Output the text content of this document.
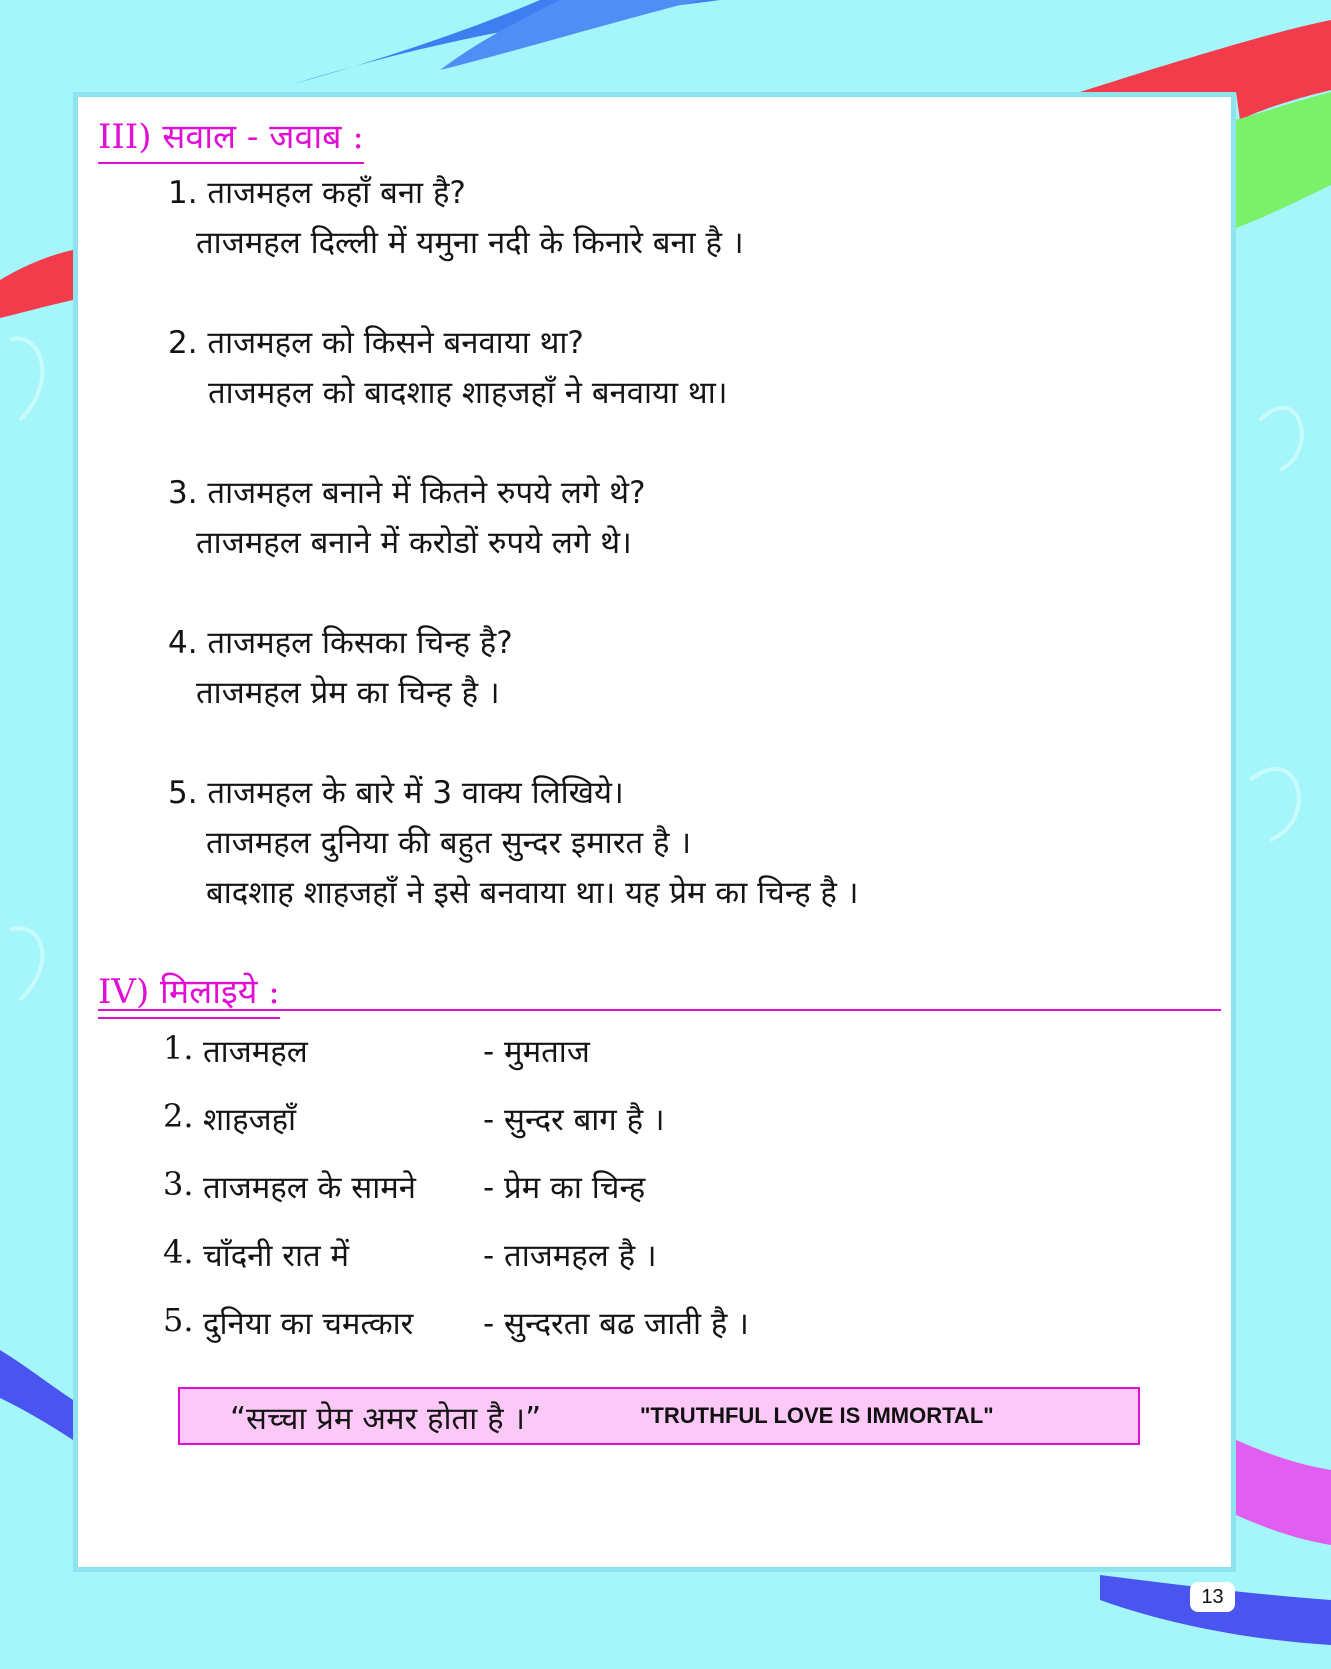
III) सवाल - जवाब :
1. ताजमहल कहाँ बना है?
ताजमहल दिल्ली में यमुना नदी के किनारे बना है ।
2. ताजमहल को किसने बनवाया था?
ताजमहल को बादशाह शाहजहाँ ने बनवाया था।
3. ताजमहल बनाने में कितने रुपये लगे थे?
ताजमहल बनाने में करोडों रुपये लगे थे।
4. ताजमहल किसका चिन्ह है?
ताजमहल प्रेम का चिन्ह है ।
5. ताजमहल के बारे में 3 वाक्य लिखिये।
ताजमहल दुनिया की बहुत सुन्दर इमारत है ।
बादशाह शाहजहाँ ने इसे बनवाया था। यह प्रेम का चिन्ह है ।
IV) मिलाइये :
1. ताजमहल	- मुमताज
2. शाहजहाँ	- सुन्दर बाग है ।
3. ताजमहल के सामने - प्रेम का चिन्ह
4. चाँदनी रात में	- ताजमहल है ।
5. दुनिया का चमत्कार - सुन्दरता बढ जाती है ।
“सच्चा प्रेम अमर होता है ।”	"TRUTHFUL LOVE IS IMMORTAL"
13
